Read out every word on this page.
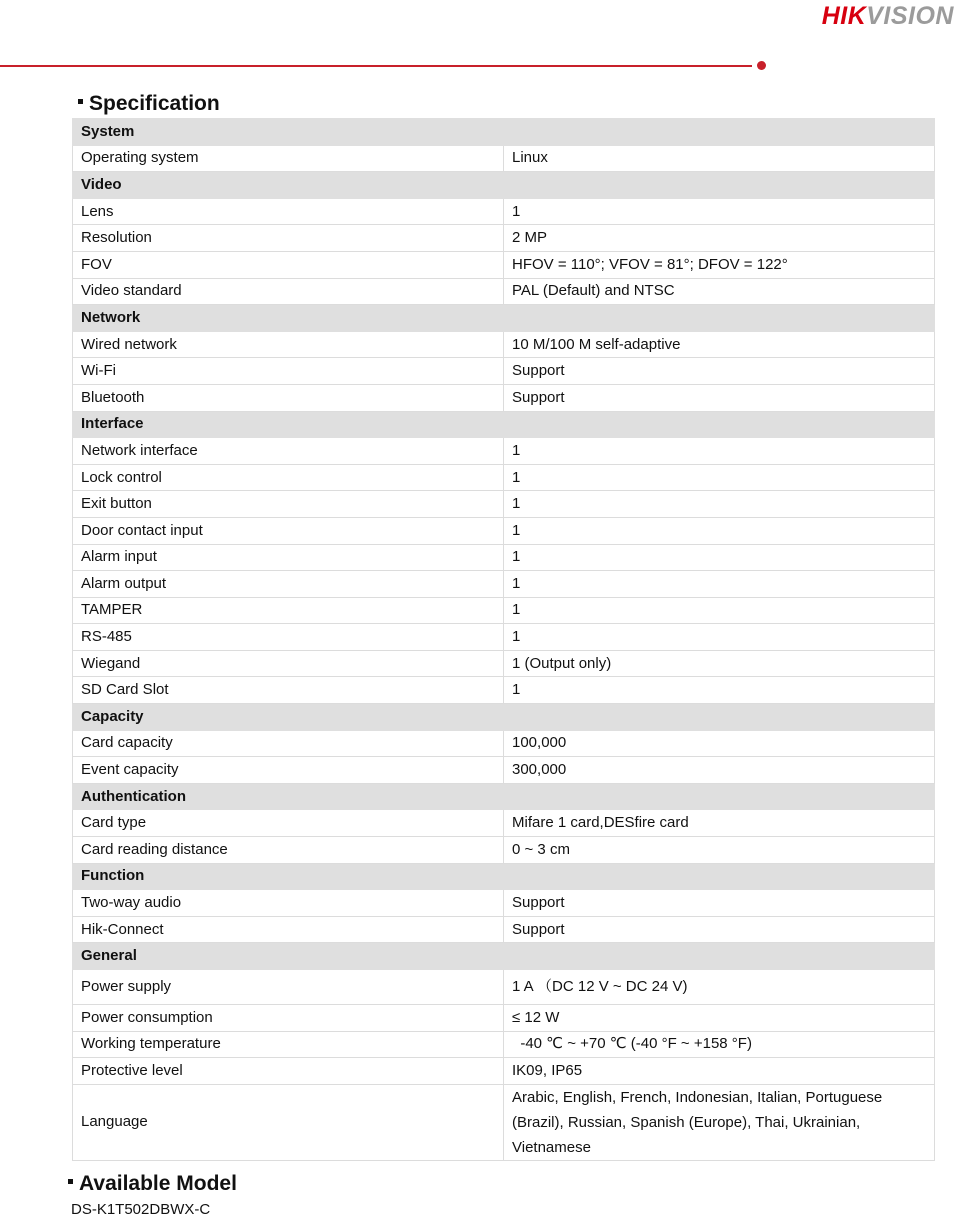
HIKVISION
Specification
System	
Operating system	Linux
Video	
Lens	1
Resolution	2 MP
FOV	HFOV = 110°; VFOV = 81°; DFOV = 122°
Video standard	PAL (Default) and NTSC
Network	
Wired network	10 M/100 M self-adaptive
Wi-Fi	Support
Bluetooth	Support
Interface	
Network interface	1
Lock control	1
Exit button	1
Door contact input	1
Alarm input	1
Alarm output	1
TAMPER	1
RS-485	1
Wiegand	1 (Output only)
SD Card Slot	1
Capacity	
Card capacity	100,000
Event capacity	300,000
Authentication	
Card type	Mifare 1 card,DESfire card
Card reading distance	0 ~ 3 cm
Function	
Two-way audio	Support
Hik-Connect	Support
General	
Power supply	1 A （DC 12 V ~ DC 24 V)
Power consumption	≤ 12 W
Working temperature	-40 ℃ ~ +70 ℃ (-40 °F ~ +158 °F)
Protective level	IK09, IP65
Language	Arabic, English, French, Indonesian, Italian, Portuguese (Brazil), Russian, Spanish (Europe), Thai, Ukrainian, Vietnamese
Available Model
DS-K1T502DBWX-C
